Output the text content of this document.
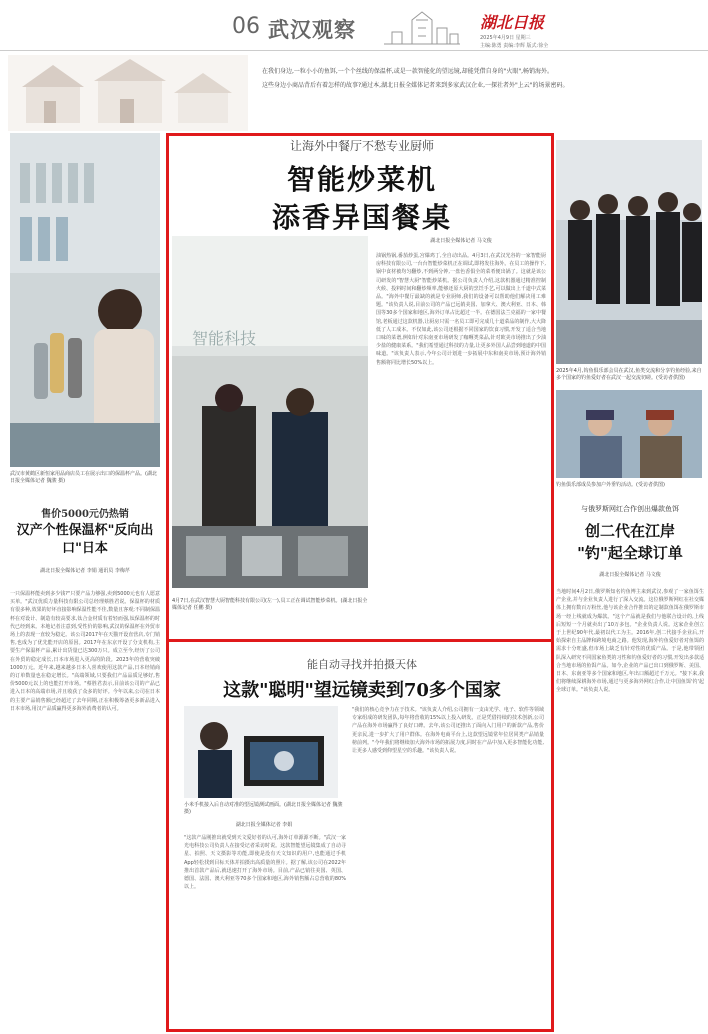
06 武汉观察	湖北日报
2025年4月9日 星期三
主编:陈勇 责编:李辉 版式:徐全
在我们身边,一粒小小的鱼饵,一个个丝线的保温杯,或是一款智能化的望远镜,却能凭借自身的"火眼",畅销海外。
这些身边小商品背后有着怎样的故事?通过本,湖北日报全媒体记者来到多家武汉企业,一探社者外"上云"的场景密码。
武汉市黄鹤区新恒家用品商店员工在展示出口的保温杯产品。(湖北日报全媒体记者 魏骏 摄)
售价5000元仍热销
汉产个性保温杯"反向出口"日本
湖北日报全媒体记者 李娟 通讯员 李梅芹
一只保温杯能卖到多少钱?"只要产品力够强,卖到5000元也有人愿意买单。"武汉优质力量科技有限公司总经理蔡胜君说。保温杯的材质有很多种,效果的好坏直接影响保温性能不佳,数量且客观;不同制保温杯在对设计、制造有较高要求,钛合金材质有着轻而强,钛保温杯的时代已经到来。本地记者注意到,受性价的影响,武汉的保温杯在外贸市场上的表现一直较为稳定。该公司2017年在天猫开设直营店,专门销售,也成为了优先能开店的原因。2017年在东京开设了分支机构,主要生产保温杯产品,累计出货量已达300万只。成立至今,经历了公司在外贸的稳定成长,日本市场进入更高的阶段。2023年的营收突破1000万元。近年来,越来越多日本人喜欢使用这款产品,日本经销商的订单数量也在稳定增长。"高端领域,只要我们产品品质足够好,售价5000元以上的也能打开市场。"蔡胜君表示,目前该公司的产品已进入日本的高端市场,并且收获了众多的好评。今年以来,公司在日本的主要产品销售额已经超过了去年同期,正在积极筹备更多新品进入日本市场,用汉产品质赢得更多海外消费者的认可。
让海外中餐厅不愁专业厨师
智能炒菜机
添香异国餐桌
智能科技
4月7日,在武汉智慧大厨智能科技有限公司(左一),员工正在调试智能炒菜机。(湖北日报全媒体记者 任鹏 摄)
湖北日报全媒体记者 马文俊
油锅热锅,番茄炒蛋,宫爆鸡丁,全自动出品。4月3日,在武汉光谷的一家智能厨房科技有限公司,一台台智能炒菜机正在调试,即将发往海外。在员工的操作下,锅中食材被均匀翻炒,不到两分钟,一盘色香俱全的菜肴便出锅了。这就是该公司研发的"智慧大厨"智能炒菜机。据公司负责人介绍,这款机器通过精准控制火候、投料时间和翻炒频率,能够还原大厨的烹饪手艺,可以做出上千道中式菜品。"海外中餐厅最缺的就是专业厨师,我们的设备可以帮助他们解决用工难题。"该负责人说,目前公司的产品已远销美国、加拿大、澳大利亚、日本、韩国等30多个国家和地区,海外订单占比超过一半。在德国法兰克福的一家中餐馆,老板通过这款机器,让厨房只需一名员工即可完成几十道菜品的制作,大大降低了人工成本。不仅如此,该公司还根据不同国家的饮食习惯,开发了适合当地口味的菜谱,例如针对东南亚市场研发了咖喱类菜品,针对欧美市场推出了少油少盐的健康菜系。"我们希望通过科技的力量,让更多外国人品尝到地道的中国味道。"该负责人表示,今年公司计划进一步拓展中东和南美市场,预计海外销售额将同比增长50%以上。
能自动寻找并拍摄天体
这款"聪明"望远镜卖到70多个国家
小米手机接入后自动对准的望远镜测试画面。(湖北日报全媒体记者 魏骏 摄)
湖北日报全媒体记者 李娟
"这款产品刚推出就受到天文爱好者的认可,海外订单源源不断。"武汉一家光电科技公司负责人在接受记者采访时说。这款智能望远镜集成了自动寻星、拍照、天文摄影等功能,即使是没有天文知识的用户,也能通过手机App轻松找到目标天体并拍摄出高质量的照片。据了解,该公司在2022年推出首款产品后,就迅速打开了海外市场。目前,产品已销往美国、英国、德国、法国、澳大利亚等70多个国家和地区,海外销售额占总营收的80%以上。
"我们的核心竞争力在于技术。"该负责人介绍,公司拥有一支由光学、电子、软件等领域专家组成的研发团队,每年将营收的15%以上投入研发。正是凭借持续的技术创新,公司产品在海外市场赢得了良好口碑。去年,该公司还推出了面向入门用户的新款产品,售价更亲民,进一步扩大了用户群体。在海外电商平台上,这款望远镜常年位居同类产品销量榜前列。"今年我们将继续加大海外市场的拓展力度,同时在产品中加入更多智能化功能,让更多人感受到仰望星空的乐趣。"该负责人说。
2025年4月,钩鱼俱乐部会员在武汉,鱼类交流和分享钓鱼经验,来自多个国家的钓鱼爱好者在武汉一起交流切磋。(受访者供图)
钓鱼俱乐部成员参加户外垂钓活动。(受访者供图)
与俄罗斯网红合作创出爆款鱼饵
创二代在江岸
"钓"起全球订单
湖北日报全媒体记者 马文俊
当地时间4月2日,俄罗斯知名钓鱼博主来到武汉,参观了一家鱼饵生产企业,并与企业负责人进行了深入交流。这位俄罗斯网红在社交媒体上拥有数百万粉丝,他与该企业合作推出的定制款鱼饵在俄罗斯市场一经上线就成为爆款。"这个产品就是我们与他联合设计的,上线后短短一个月就卖出了10万多包。"企业负责人说。这家企业创立于上世纪90年代,最初以代工为主。2016年,创二代接手企业后,开始探索自主品牌和跨境电商之路。他发现,海外钓鱼爱好者对鱼饵的需求十分旺盛,但市场上缺乏有针对性的优质产品。于是,他带领团队深入研究不同国家鱼类的习性和钓鱼爱好者的习惯,开发出多款适合当地市场的鱼饵产品。如今,企业的产品已出口到俄罗斯、美国、日本、东南亚等多个国家和地区,年出口额超过千万元。"接下来,我们将继续深耕海外市场,通过与更多海外网红合作,让中国鱼饵'钓'起全球订单。"该负责人说。
